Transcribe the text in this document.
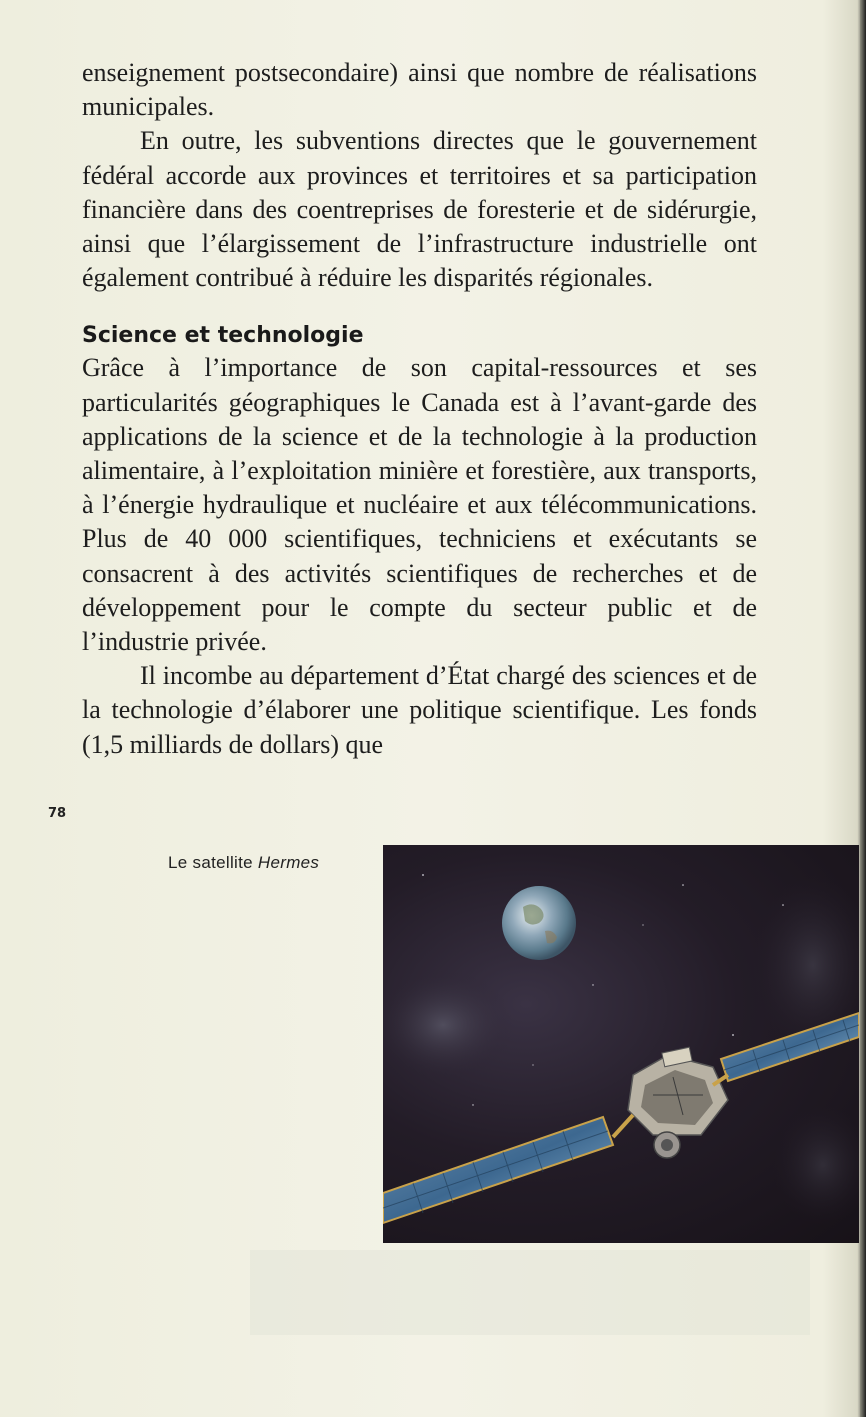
enseignement postsecondaire) ainsi que nombre de réalisations municipales.

En outre, les subventions directes que le gouvernement fédéral accorde aux provinces et territoires et sa participation financière dans des coentreprises de foresterie et de sidérurgie, ainsi que l’élargissement de l’infrastructure industrielle ont également contribué à réduire les disparités régionales.

Science et technologie

Grâce à l’importance de son capital-ressources et ses particularités géographiques le Canada est à l’avant-garde des applications de la science et de la technologie à la production alimentaire, à l’exploitation minière et forestière, aux transports, à l’énergie hydraulique et nucléaire et aux télécommunications. Plus de 40 000 scientifiques, techniciens et exécutants se consacrent à des activités scientifiques de recherches et de développement pour le compte du secteur public et de l’industrie privée.

Il incombe au département d’État chargé des sciences et de la technologie d’élaborer une politique scientifique. Les fonds (1,5 milliards de dollars) que

78
Le satellite Hermes
